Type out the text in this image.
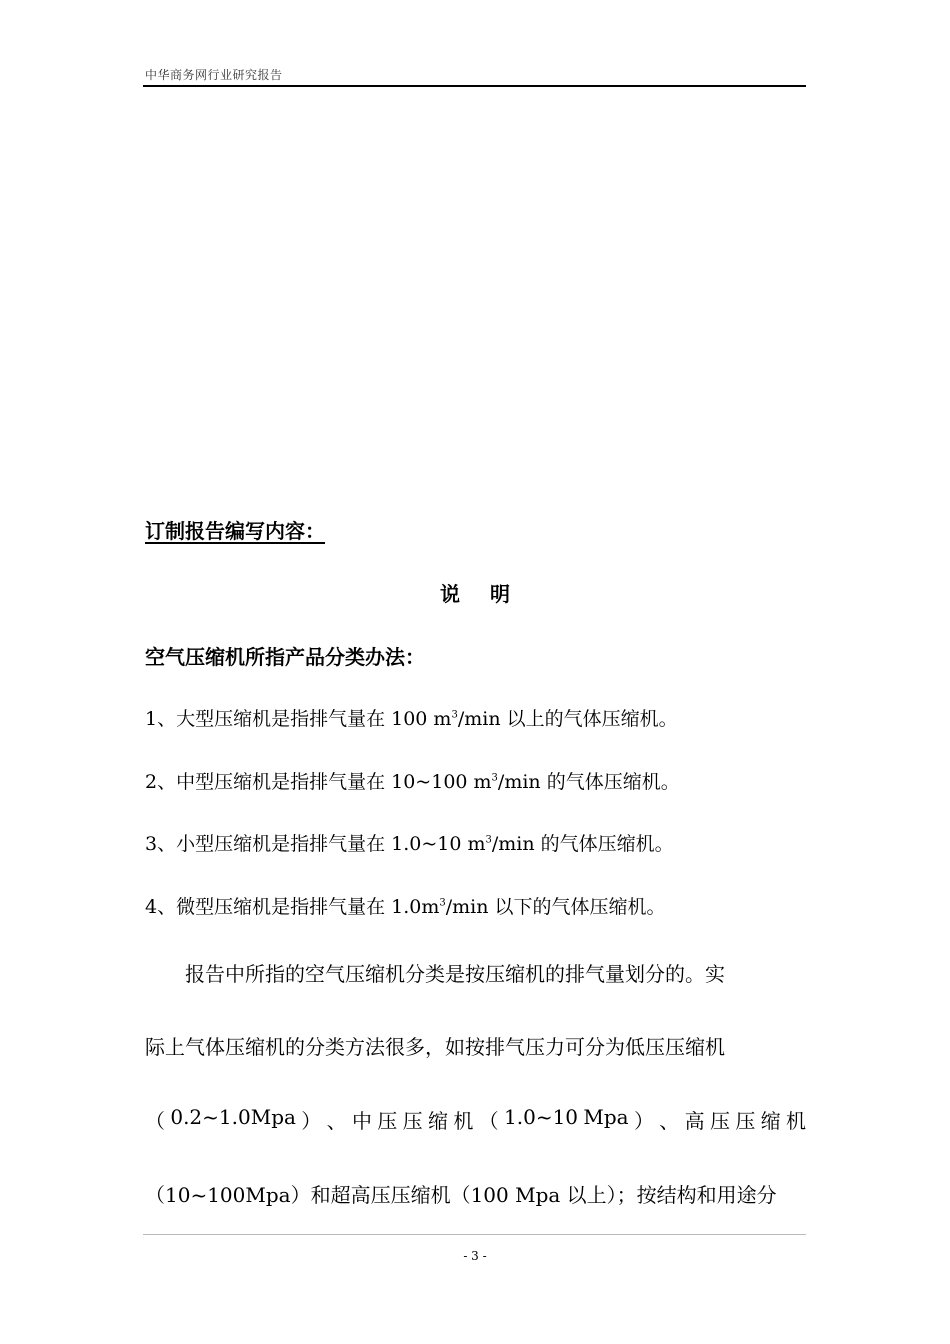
中华商务网行业研究报告
订制报告编写内容：
说明
空气压缩机所指产品分类办法：
1、大型压缩机是指排气量在 100 $m^3/\min$ 以上的气体压缩机。
2、中型压缩机是指排气量在 10~100 $m^3/\min$ 的气体压缩机。
3、小型压缩机是指排气量在 1.0~10 $m^3/\min$ 的气体压缩机。
4、微型压缩机是指排气量在 $1.0m^3/\min$ 以下的气体压缩机。
　　报告中所指的空气压缩机分类是按压缩机的排气量划分的。实
际上气体压缩机的分类方法很多，如按排气压力可分为低压压缩机
（ 0.2~1.0Mpa ） 、 中 压 压 缩 机 （ 1.0~10 Mpa ） 、 高 压 压 缩 机
（10~100Mpa）和超高压压缩机（100 Mpa 以上）；按结构和用途分
- 3 -
